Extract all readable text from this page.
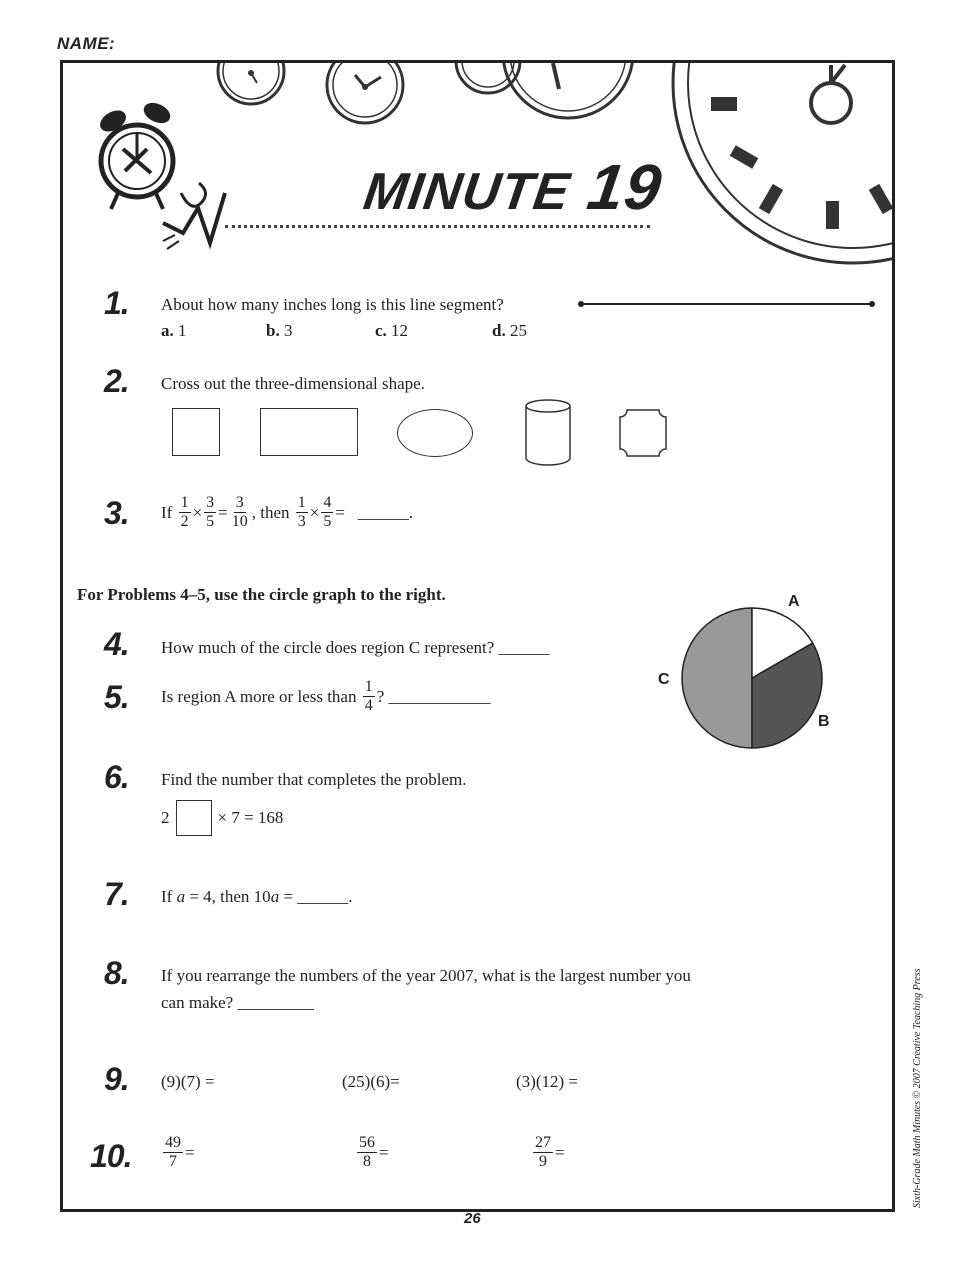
NAME:
MINUTE 19
1. About how many inches long is this line segment?
a. 1	b. 3	c. 12	d. 25
2. Cross out the three-dimensional shape.
3. If
$\frac{1}{2} \times \frac{3}{5} = \frac{3}{10}$ , then
$\frac{1}{3} \times \frac{4}{5}$ =
______.
For Problems 4–5, use the circle graph to the right.	A
B
C
4. How much of the circle does region C represent? ______
5. Is region A more or less than
$\frac{1}{4}$ ? ____________
6. Find the number that completes the problem.
2	× 7 = 168
7. If a = 4, then 10a = ______.
8. If you rearrange the numbers of the year 2007, what is the largest number you
can make? _________
9. (9)(7) =	(25)(6)=	(3)(12) =
10. $\frac{49}{7}$ =	$\frac{56}{8}$ =	$\frac{27}{9}$ =
26
Sixth-Grade Math Minutes © 2007 Creative Teaching Press
